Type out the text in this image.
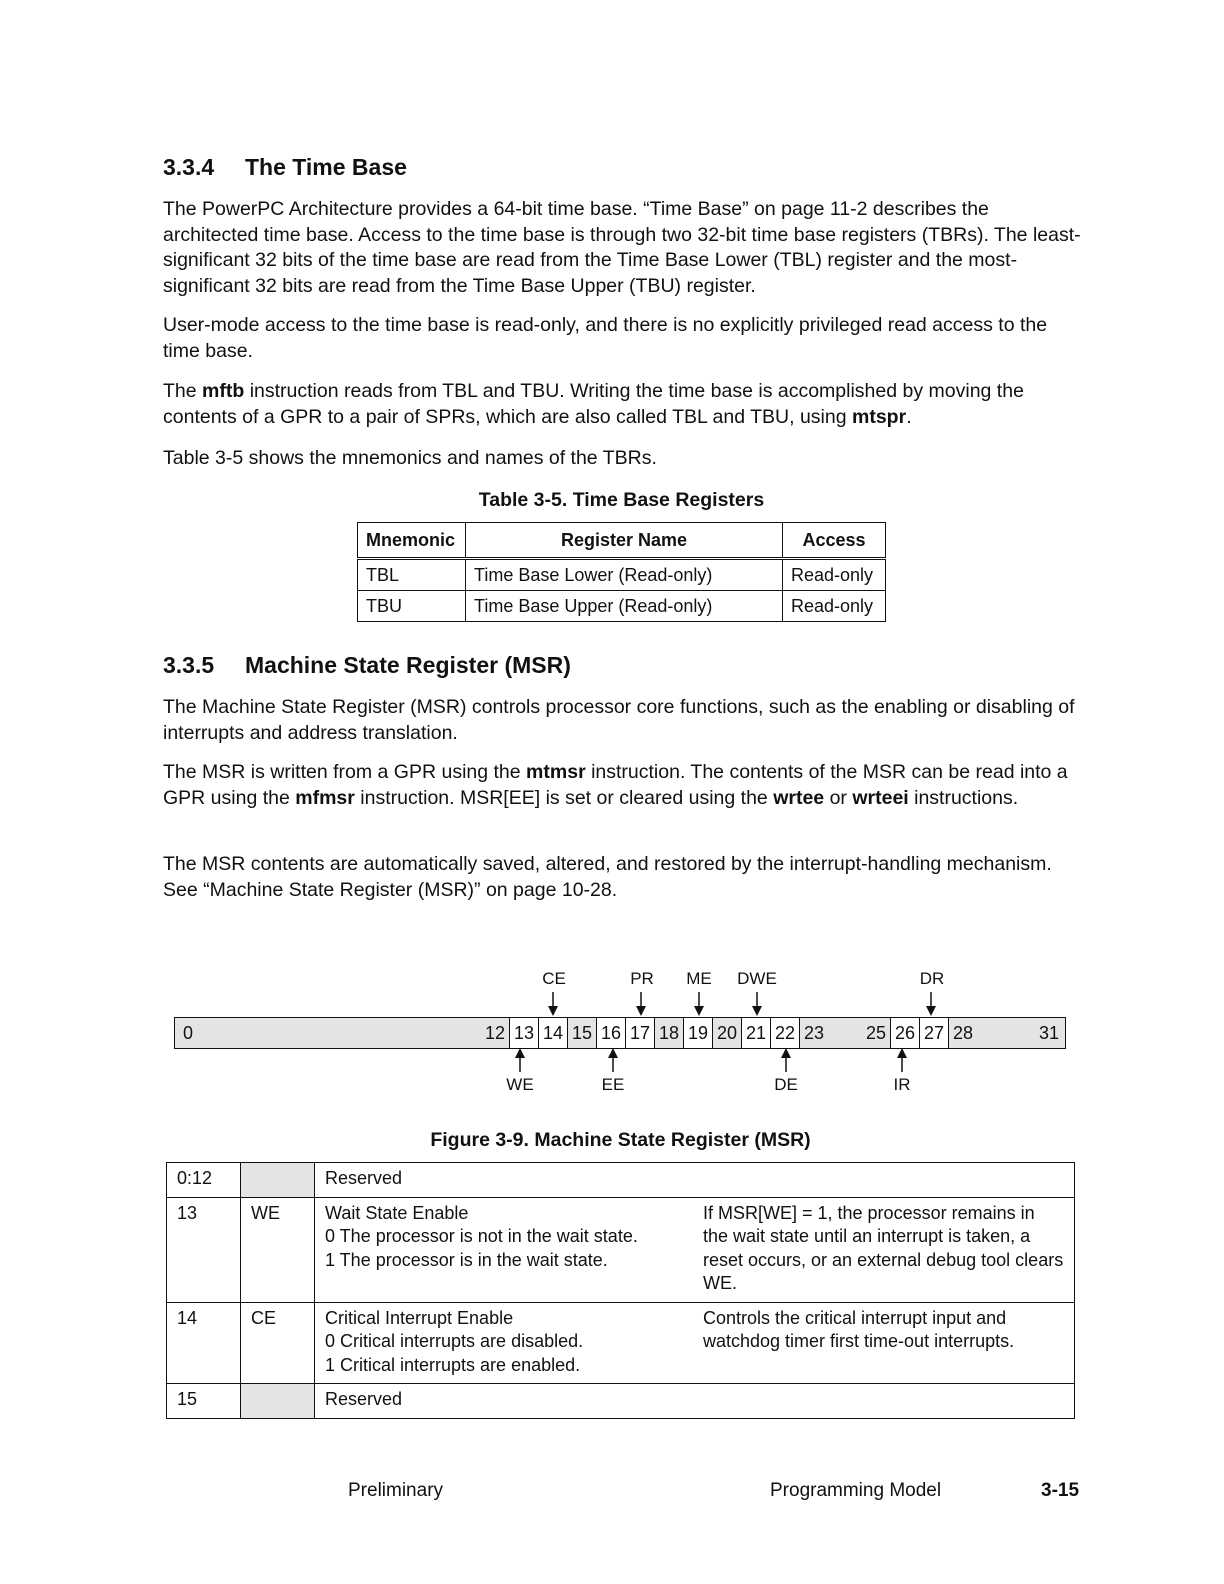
3.3.4 The Time Base
The PowerPC Architecture provides a 64-bit time base. “Time Base” on page 11-2 describes the architected time base. Access to the time base is through two 32-bit time base registers (TBRs). The least-significant 32 bits of the time base are read from the Time Base Lower (TBL) register and the most-significant 32 bits are read from the Time Base Upper (TBU) register.
User-mode access to the time base is read-only, and there is no explicitly privileged read access to the time base.
The mftb instruction reads from TBL and TBU. Writing the time base is accomplished by moving the contents of a GPR to a pair of SPRs, which are also called TBL and TBU, using mtspr.
Table 3-5 shows the mnemonics and names of the TBRs.
Table 3-5. Time Base Registers
Mnemonic	Register Name	Access
TBL	Time Base Lower (Read-only)	Read-only
TBU	Time Base Upper (Read-only)	Read-only
3.3.5 Machine State Register (MSR)
The Machine State Register (MSR) controls processor core functions, such as the enabling or disabling of interrupts and address translation.
The MSR is written from a GPR using the mtmsr instruction. The contents of the MSR can be read into a GPR using the mfmsr instruction. MSR[EE] is set or cleared using the wrtee or wrteei instructions.
The MSR contents are automatically saved, altered, and restored by the interrupt-handling mechanism. See “Machine State Register (MSR)” on page 10-28.
CE	PR	ME	DWE	DR
0	12 13 14 15 16 17 18 19 20 21 22 23 25 26 27 28	31
WE	EE	DE	IR
Figure 3-9. Machine State Register (MSR)
0:12		Reserved	
13	WE	Wait State Enable
0 The processor is not in the wait state.
1 The processor is in the wait state.	If MSR[WE] = 1, the processor remains in the wait state until an interrupt is taken, a reset occurs, or an external debug tool clears WE.
14	CE	Critical Interrupt Enable
0 Critical interrupts are disabled.
1 Critical interrupts are enabled.	Controls the critical interrupt input and watchdog timer first time-out interrupts.
15		Reserved	
Preliminary	Programming Model	3-15
